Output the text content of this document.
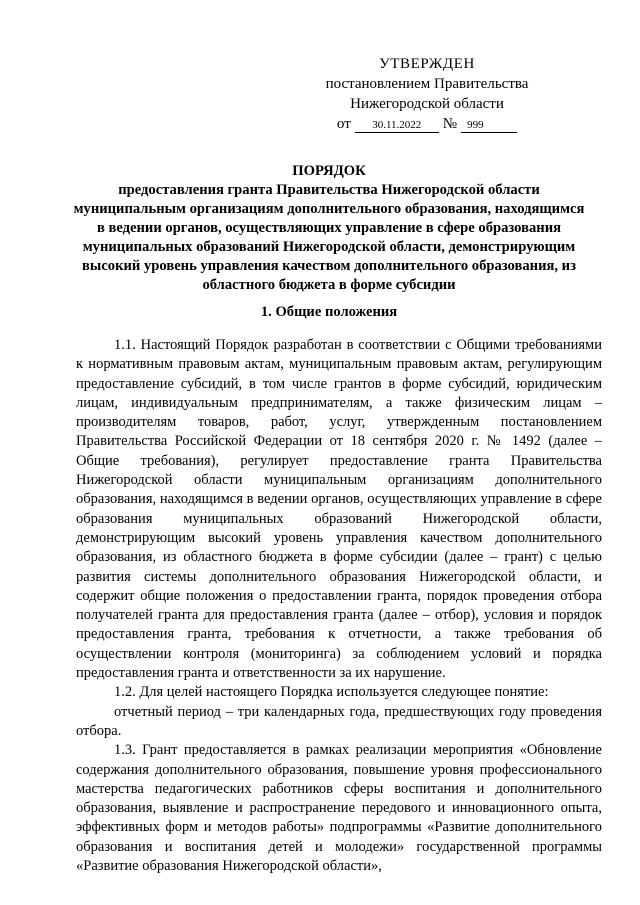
УТВЕРЖДЕН
постановлением Правительства
Нижегородской области
от	30.11.2022	№ 999
ПОРЯДОК
предоставления гранта Правительства Нижегородской области муниципальным организациям дополнительного образования, находящимся в ведении органов, осуществляющих управление в сфере образования муниципальных образований Нижегородской области, демонстрирующим высокий уровень управления качеством дополнительного образования, из областного бюджета в форме субсидии
1. Общие положения

1.1. Настоящий Порядок разработан в соответствии с Общими требованиями к нормативным правовым актам, муниципальным правовым актам, регулирующим предоставление субсидий, в том числе грантов в форме субсидий, юридическим лицам, индивидуальным предпринимателям, а также физическим лицам – производителям товаров, работ, услуг, утвержденным постановлением Правительства Российской Федерации от 18 сентября 2020 г. № 1492 (далее – Общие требования), регулирует предоставление гранта Правительства Нижегородской области муниципальным организациям дополнительного образования, находящимся в ведении органов, осуществляющих управление в сфере образования муниципальных образований Нижегородской области, демонстрирующим высокий уровень управления качеством дополнительного образования, из областного бюджета в форме субсидии (далее – грант) с целью развития системы дополнительного образования Нижегородской области, и содержит общие положения о предоставлении гранта, порядок проведения отбора получателей гранта для предоставления гранта (далее – отбор), условия и порядок предоставления гранта, требования к отчетности, а также требования об осуществлении контроля (мониторинга) за соблюдением условий и порядка предоставления гранта и ответственности за их нарушение.

1.2. Для целей настоящего Порядка используется следующее понятие:

отчетный период – три календарных года, предшествующих году проведения отбора.

1.3. Грант предоставляется в рамках реализации мероприятия «Обновление содержания дополнительного образования, повышение уровня профессионального мастерства педагогических работников сферы воспитания и дополнительного образования, выявление и распространение передового и инновационного опыта, эффективных форм и методов работы» подпрограммы «Развитие дополнительного образования и воспитания детей и молодежи» государственной программы «Развитие образования Нижегородской области»,
